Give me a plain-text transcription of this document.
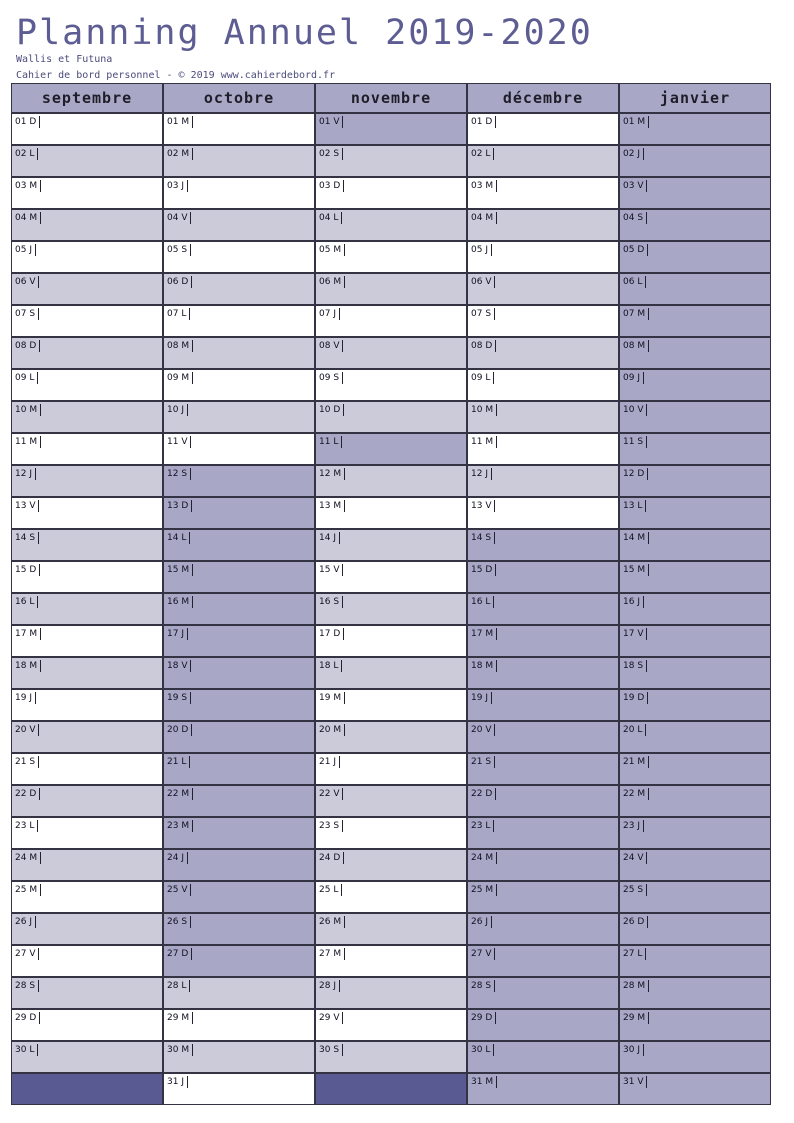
Planning Annuel 2019-2020
Wallis et Futuna
Cahier de bord personnel - © 2019 www.cahierdebord.fr
septembre
01 D
02 L
03 M
04 M
05 J
06 V
07 S
08 D
09 L
10 M
11 M
12 J
13 V
14 S
15 D
16 L
17 M
18 M
19 J
20 V
21 S
22 D
23 L
24 M
25 M
26 J
27 V
28 S
29 D
30 L
octobre
01 M
02 M
03 J
04 V
05 S
06 D
07 L
08 M
09 M
10 J
11 V
12 S
13 D
14 L
15 M
16 M
17 J
18 V
19 S
20 D
21 L
22 M
23 M
24 J
25 V
26 S
27 D
28 L
29 M
30 M
31 J
novembre
01 V
02 S
03 D
04 L
05 M
06 M
07 J
08 V
09 S
10 D
11 L
12 M
13 M
14 J
15 V
16 S
17 D
18 L
19 M
20 M
21 J
22 V
23 S
24 D
25 L
26 M
27 M
28 J
29 V
30 S
décembre
01 D
02 L
03 M
04 M
05 J
06 V
07 S
08 D
09 L
10 M
11 M
12 J
13 V
14 S
15 D
16 L
17 M
18 M
19 J
20 V
21 S
22 D
23 L
24 M
25 M
26 J
27 V
28 S
29 D
30 L
31 M
janvier
01 M
02 J
03 V
04 S
05 D
06 L
07 M
08 M
09 J
10 V
11 S
12 D
13 L
14 M
15 M
16 J
17 V
18 S
19 D
20 L
21 M
22 M
23 J
24 V
25 S
26 D
27 L
28 M
29 M
30 J
31 V
